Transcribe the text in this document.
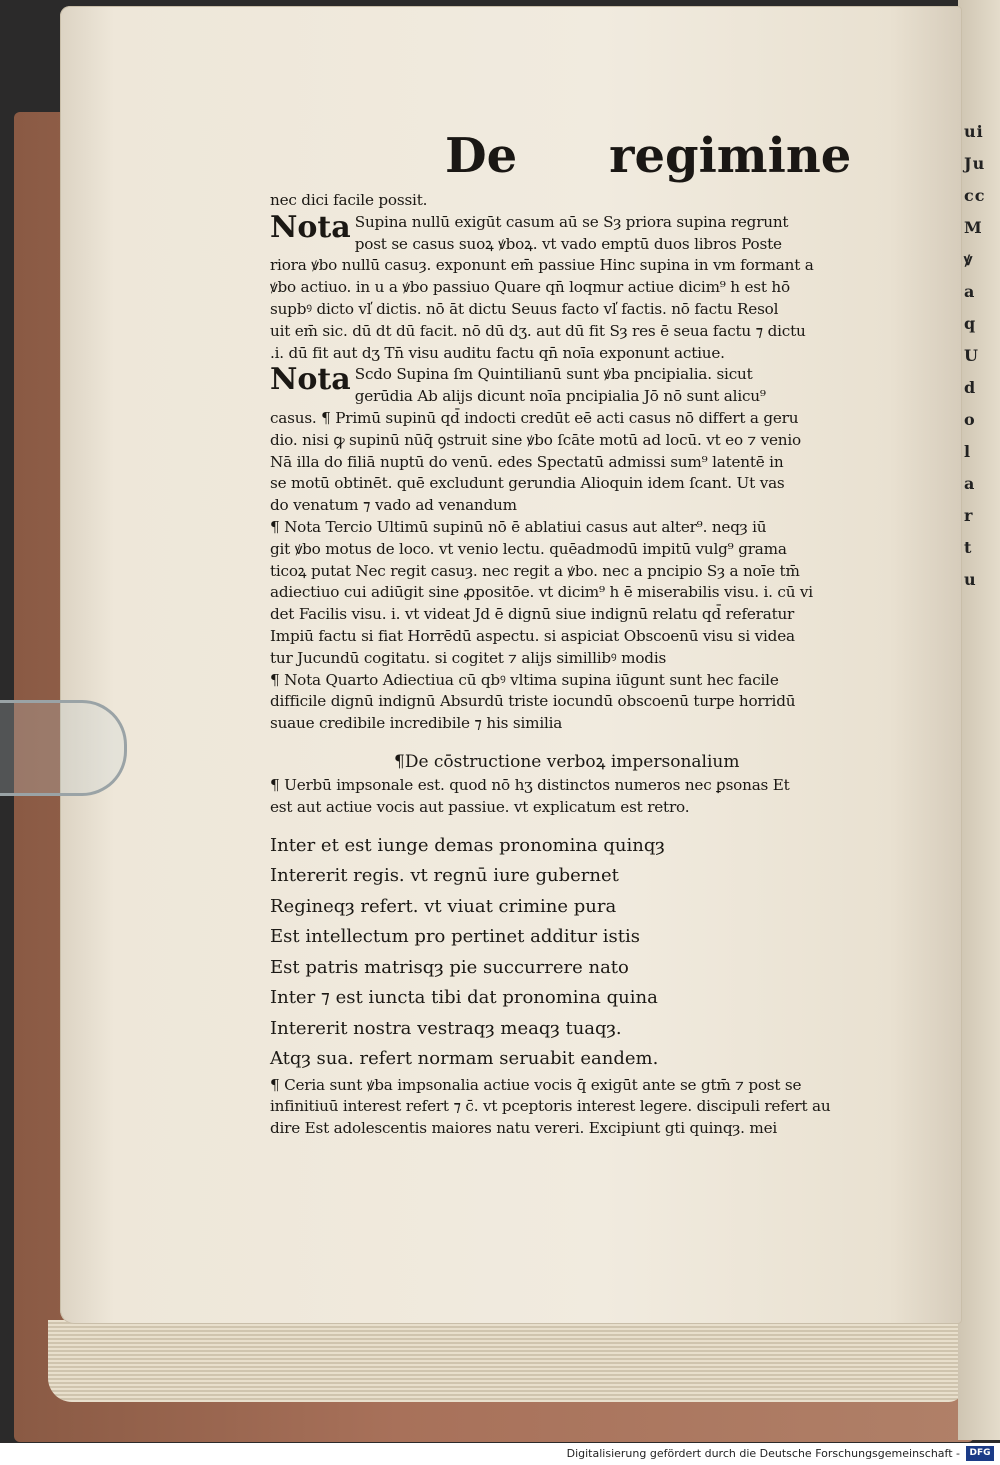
ui
Ju
cc
M
ꝟ
a
q
U
d
o
l
a
r
t
u
De regimine
nec dici facile possit.
Nota Supina nullū exigūt casum aū se Sȝ priora supina regrunt
post se casus suoꝝ ꝟboꝝ. vt vado emptū duos libros Poste
riora ꝟbo nullū casuȝ. exponunt em̄ passiue Hinc supina in vm formant a
ꝟbo actiuo. in u a ꝟbo passiuo Quare qn̄ loqmur actiue dicim⁹ h est hō
supbꝰ dicto vl̕ dictis. nō āt dictu Seuus facto vl̕ factis. nō factu Resol
uit em̄ sic. dū dt dū facit. nō dū dʒ. aut dū fit Sȝ res ē seua factu ⁊ dictu
.i. dū fit aut dʒ Tn̄ visu auditu factu qn̄ noīa exponunt actiue.
Nota Scdo Supina ſm Quintilianū sunt ꝟba pncipialia. sicut
gerūdia Ab alijs dicunt noīa pncipialia Jō nō sunt alicu⁹
casus. ¶ Primū supinū qd̄ indocti credūt eē acti casus nō differt a geru
dio. nisi ꝙ supinū nūq̄ ꝯstruit sine ꝟbo ſcāte motū ad locū. vt eo ⁊ venio
Nā illa do filiā nuptū do venū. edes Spectatū admissi sum⁹ latentē in
se motū obtinēt. quē excludunt gerundia Alioquin idem ſcant. Ut vas
do venatum ⁊ vado ad venandum
¶ Nota Tercio Ultimū supinū nō ē ablatiui casus aut alter⁹. neqȝ iū
git ꝟbo motus de loco. vt venio lectu. quēadmodū impitū vulg⁹ grama
ticoꝝ putat Nec regit casuȝ. nec regit a ꝟbo. nec a pncipio Sȝ a noīe tm̄
adiectiuo cui adiūgit sine ꝓpositōe. vt dicim⁹ h ē miserabilis visu. i. cū vi
det Facilis visu. i. vt videat Jd ē dignū siue indignū relatu qd̄ referatur
Impiū factu si fiat Horrēdū aspectu. si aspiciat Obscoenū visu si videa
tur Jucundū cogitatu. si cogitet ⁊ alijs simillibꝰ modis
¶ Nota Quarto Adiectiua cū qbꝰ vltima supina iūgunt sunt hec facile
difficile dignū indignū Absurdū triste iocundū obscoenū turpe horridū
suaue credibile incredibile ⁊ his similia
¶De cōstructione verboꝝ impersonalium
¶ Uerbū impsonale est. quod nō hʒ distinctos numeros nec ꝑsonas Et
est aut actiue vocis aut passiue. vt explicatum est retro.
Inter et est iunge demas pronomina quinqȝ
Intererit regis. vt regnū iure gubernet
Regineqȝ refert. vt viuat crimine pura
Est intellectum pro pertinet additur istis
Est patris matrisqȝ pie succurrere nato
Inter ⁊ est iuncta tibi dat pronomina quina
Intererit nostra vestraqȝ meaqȝ tuaqȝ.
Atqȝ sua. refert normam seruabit eandem.
¶ Ceria sunt ꝟba impsonalia actiue vocis q̄ exigūt ante se gtm̄ ⁊ post se
infinitiuū interest refert ⁊ c̄. vt pceptoris interest legere. discipuli refert au
dire Est adolescentis maiores natu vereri. Excipiunt gti quinqȝ. mei
Digitalisierung gefördert durch die Deutsche Forschungsgemeinschaft -	DFG
